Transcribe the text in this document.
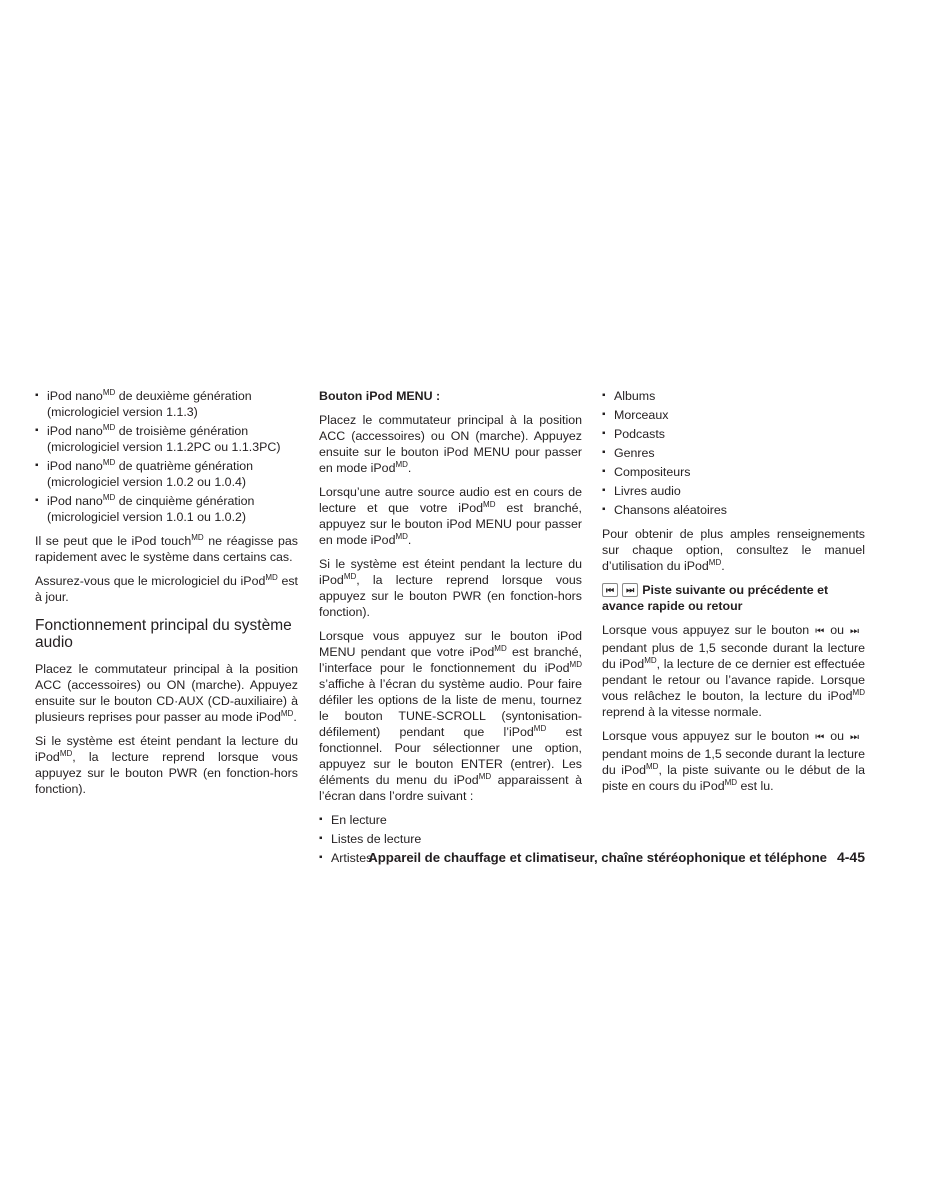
▪ iPod nano$^{MD}$ de deuxième génération (micrologiciel version 1.1.3)
▪ iPod nano$^{MD}$ de troisième génération (micrologiciel version 1.1.2PC ou 1.1.3PC)
▪ iPod nano$^{MD}$ de quatrième génération (micrologiciel version 1.0.2 ou 1.0.4)
▪ iPod nano$^{MD}$ de cinquième génération (micrologiciel version 1.0.1 ou 1.0.2)

Il se peut que le iPod touch$^{MD}$ ne réagisse pas rapidement avec le système dans certains cas.

Assurez-vous que le micrologiciel du iPod$^{MD}$ est à jour.

Fonctionnement principal du système audio

Placez le commutateur principal à la position ACC (accessoires) ou ON (marche). Appuyez ensuite sur le bouton CD·AUX (CD-auxiliaire) à plusieurs reprises pour passer au mode iPod$^{MD}$.

Si le système est éteint pendant la lecture du iPod$^{MD}$, la lecture reprend lorsque vous appuyez sur le bouton PWR (en fonction-hors fonction).

Bouton iPod MENU :

Placez le commutateur principal à la position ACC (accessoires) ou ON (marche). Appuyez ensuite sur le bouton iPod MENU pour passer en mode iPod$^{MD}$.

Lorsqu’une autre source audio est en cours de lecture et que votre iPod$^{MD}$ est branché, appuyez sur le bouton iPod MENU pour passer en mode iPod$^{MD}$.

Si le système est éteint pendant la lecture du iPod$^{MD}$, la lecture reprend lorsque vous appuyez sur le bouton PWR (en fonction-hors fonction).

Lorsque vous appuyez sur le bouton iPod MENU pendant que votre iPod$^{MD}$ est branché, l’interface pour le fonctionnement du iPod$^{MD}$ s’affiche à l’écran du système audio. Pour faire défiler les options de la liste de menu, tournez le bouton TUNE-SCROLL (syntonisation-défilement) pendant que l’iPod$^{MD}$ est fonctionnel. Pour sélectionner une option, appuyez sur le bouton ENTER (entrer). Les éléments du menu du iPod$^{MD}$ apparaissent à l’écran dans l’ordre suivant :

▪ En lecture
▪ Listes de lecture
▪ Artistes
▪ Albums
▪ Morceaux
▪ Podcasts
▪ Genres
▪ Compositeurs
▪ Livres audio
▪ Chansons aléatoires

Pour obtenir de plus amples renseignements sur chaque option, consultez le manuel d’utilisation du iPod$^{MD}$.

⏮ ⏭ Piste suivante ou précédente et avance rapide ou retour

Lorsque vous appuyez sur le bouton ⏮ ou ⏭ pendant plus de 1,5 seconde durant la lecture du iPod$^{MD}$, la lecture de ce dernier est effectuée pendant le retour ou l’avance rapide. Lorsque vous relâchez le bouton, la lecture du iPod$^{MD}$ reprend à la vitesse normale.

Lorsque vous appuyez sur le bouton ⏮ ou ⏭ pendant moins de 1,5 seconde durant la lecture du iPod$^{MD}$, la piste suivante ou le début de la piste en cours du iPod$^{MD}$ est lu.

Appareil de chauffage et climatiseur, chaîne stéréophonique et téléphone 4-45
